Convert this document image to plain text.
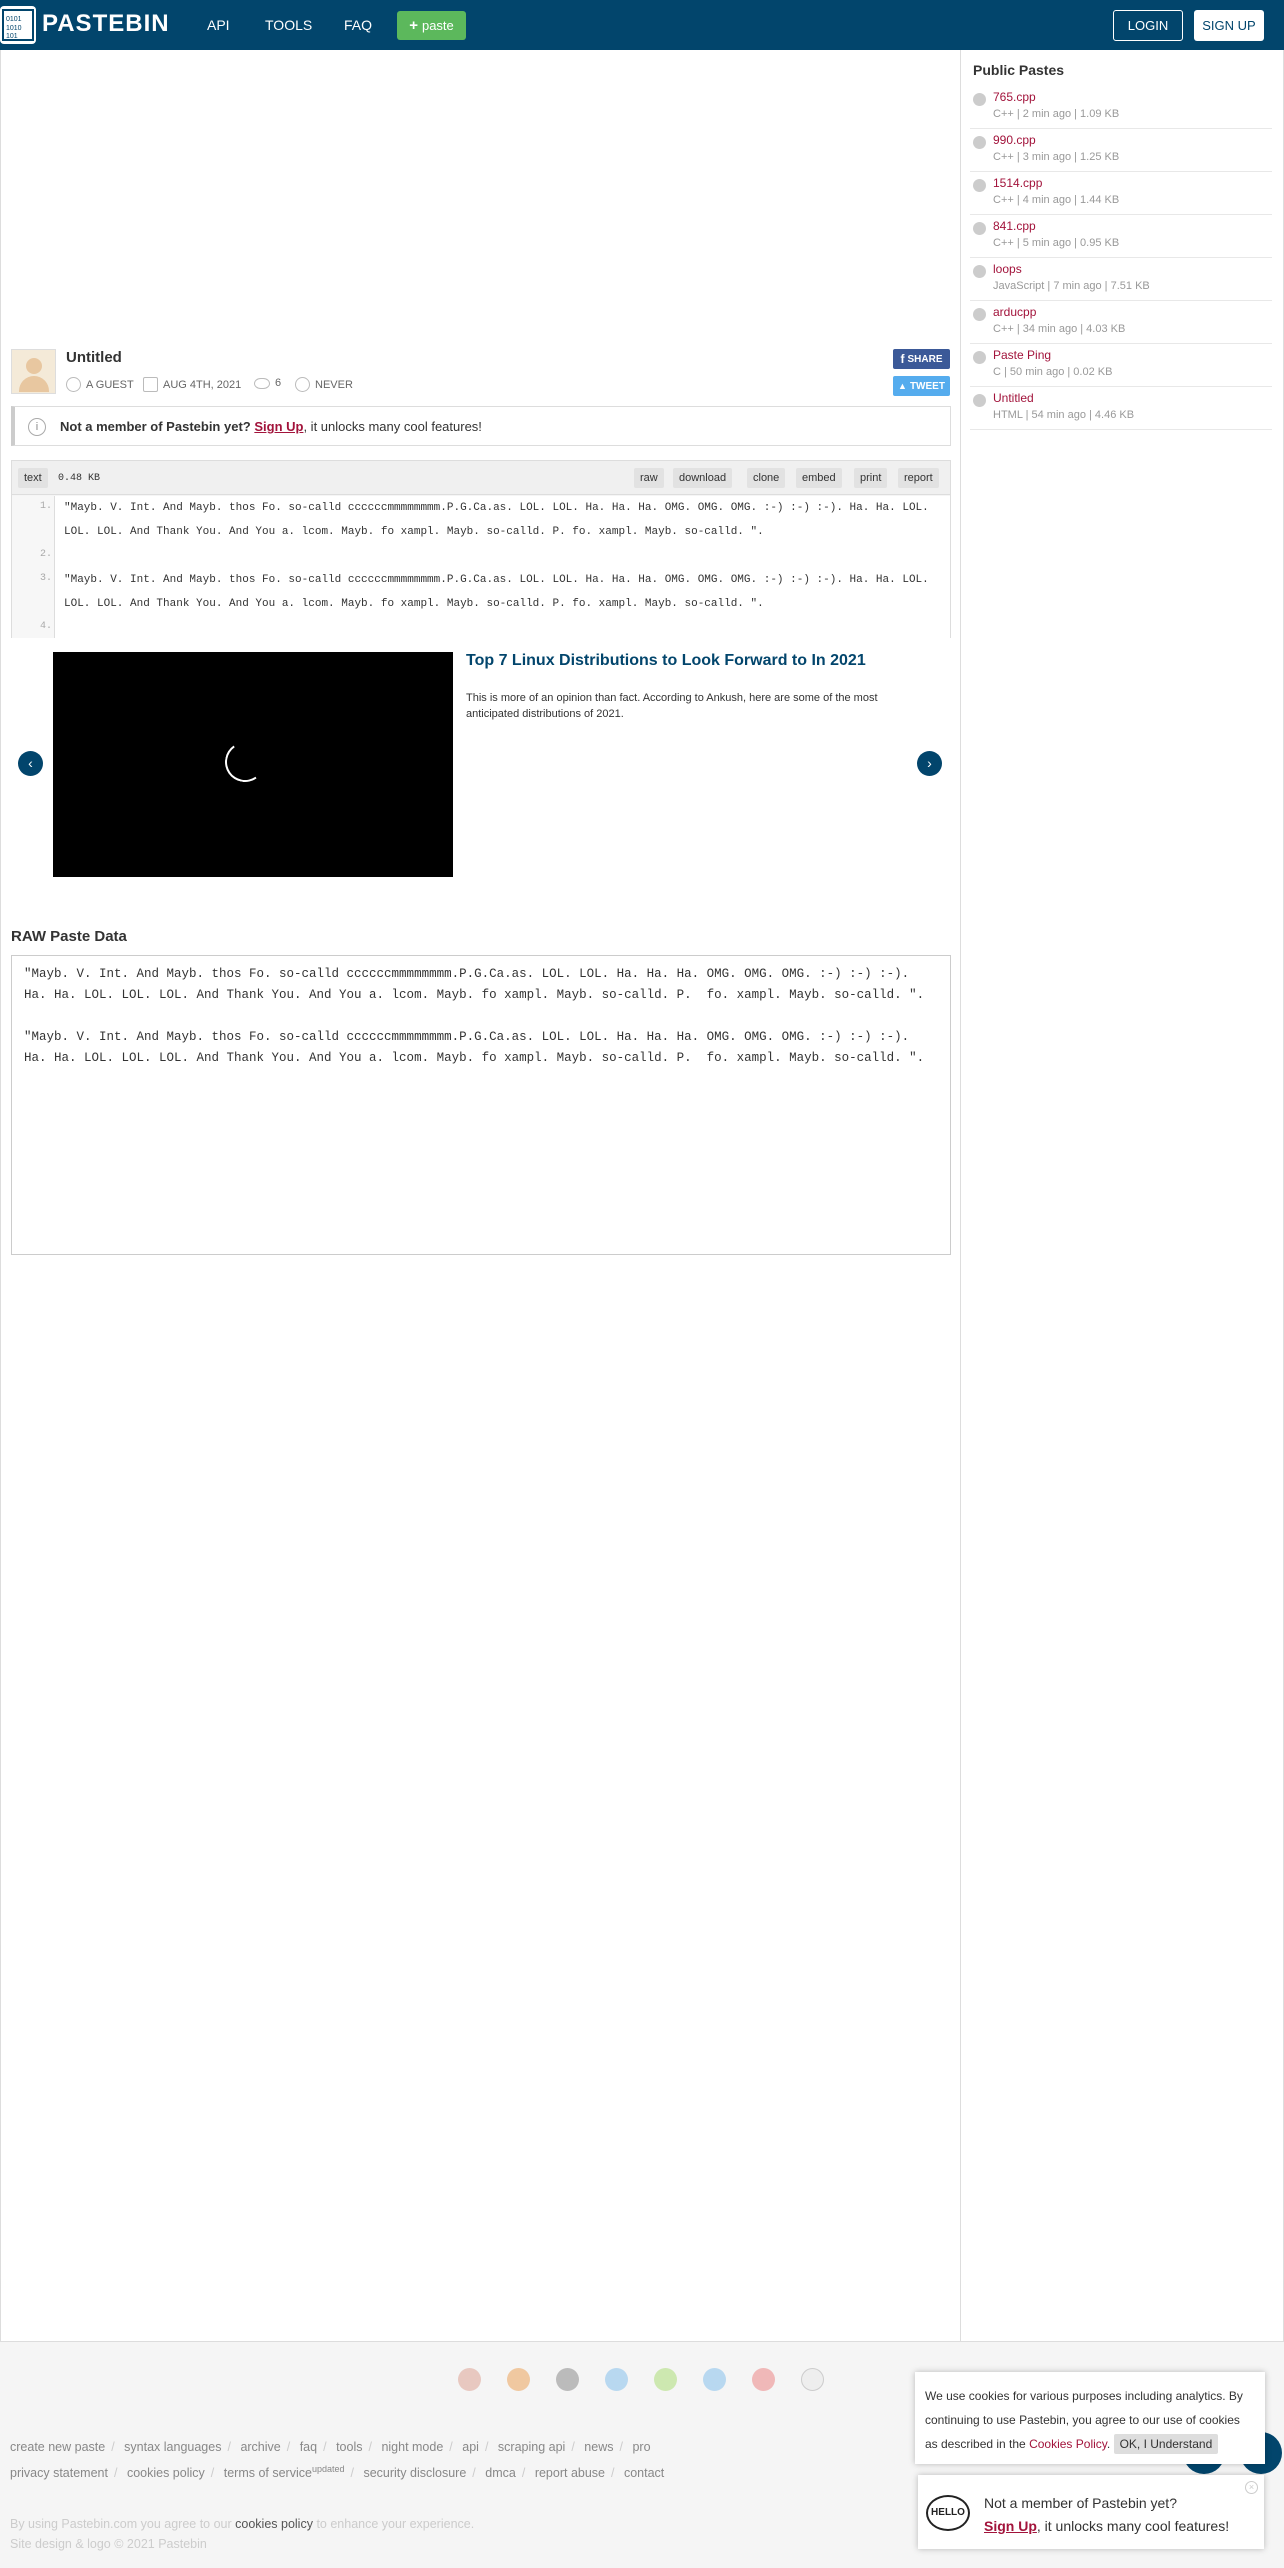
0101
1010
101 PASTEBIN	API	TOOLS FAQ + paste	LOGIN	SIGN UP
Public Pastes
765.cpp
C++ | 2 min ago | 1.09 KB
990.cpp
C++ | 3 min ago | 1.25 KB
1514.cpp
C++ | 4 min ago | 1.44 KB
841.cpp
C++ | 5 min ago | 0.95 KB
loops
JavaScript | 7 min ago | 7.51 KB
arducpp
C++ | 34 min ago | 4.03 KB
Paste Ping
C | 50 min ago | 0.02 KB
Untitled
HTML | 54 min ago | 4.46 KB
Untitled
A GUEST	AUG 4TH, 2021	6	NEVER
f SHARE
▲ TWEET
i	Not a member of Pastebin yet? Sign Up, it unlocks many cool features!
text	0.48 KB	raw	download	clone	embed	print	report
1.
2.
3.
4.
"Mayb. V. Int. And Mayb. thos Fo. so-calld ccccccmmmmmmmm.P.G.Ca.as. LOL. LOL. Ha. Ha. Ha. OMG. OMG. OMG. :-) :-) :-). Ha. Ha. LOL. LOL. LOL. And Thank You. And You a. lcom. Mayb. fo xampl. Mayb. so-calld. P. fo. xampl. Mayb. so-calld. ".
"Mayb. V. Int. And Mayb. thos Fo. so-calld ccccccmmmmmmmm.P.G.Ca.as. LOL. LOL. Ha. Ha. Ha. OMG. OMG. OMG. :-) :-) :-). Ha. Ha. LOL. LOL. LOL. And Thank You. And You a. lcom. Mayb. fo xampl. Mayb. so-calld. P. fo. xampl. Mayb. so-calld. ".
‹
Top 7 Linux Distributions to Look Forward to In 2021
This is more of an opinion than fact. According to Ankush, here are some of the most anticipated distributions of 2021.
›
RAW Paste Data

"Mayb. V. Int. And Mayb. thos Fo. so-calld ccccccmmmmmmmm.P.G.Ca.as. LOL. LOL. Ha. Ha. Ha. OMG. OMG. OMG. :-) :-) :-). Ha. Ha. LOL. LOL. LOL. And Thank You. And You a. lcom. Mayb. fo xampl. Mayb. so-calld. P.  fo. xampl. Mayb. so-calld. ".

"Mayb. V. Int. And Mayb. thos Fo. so-calld ccccccmmmmmmmm.P.G.Ca.as. LOL. LOL. Ha. Ha. Ha. OMG. OMG. OMG. :-) :-) :-). Ha. Ha. LOL. LOL. LOL. And Thank You. And You a. lcom. Mayb. fo xampl. Mayb. so-calld. P.  fo. xampl. Mayb. so-calld. ".

create new paste / syntax languages / archive / faq / tools / night mode / api / scraping api / news / pro
privacy statement / cookies policy / terms of service$^{updated}$ / security disclosure / dmca / report abuse / contact
By using Pastebin.com you agree to our cookies policy to enhance your experience.
Site design & logo © 2021 Pastebin
We use cookies for various purposes including analytics. By continuing to use Pastebin, you agree to our use of cookies as described in the Cookies Policy. OK, I Understand
HELLO
Not a member of Pastebin yet?
Sign Up, it unlocks many cool features!
×
